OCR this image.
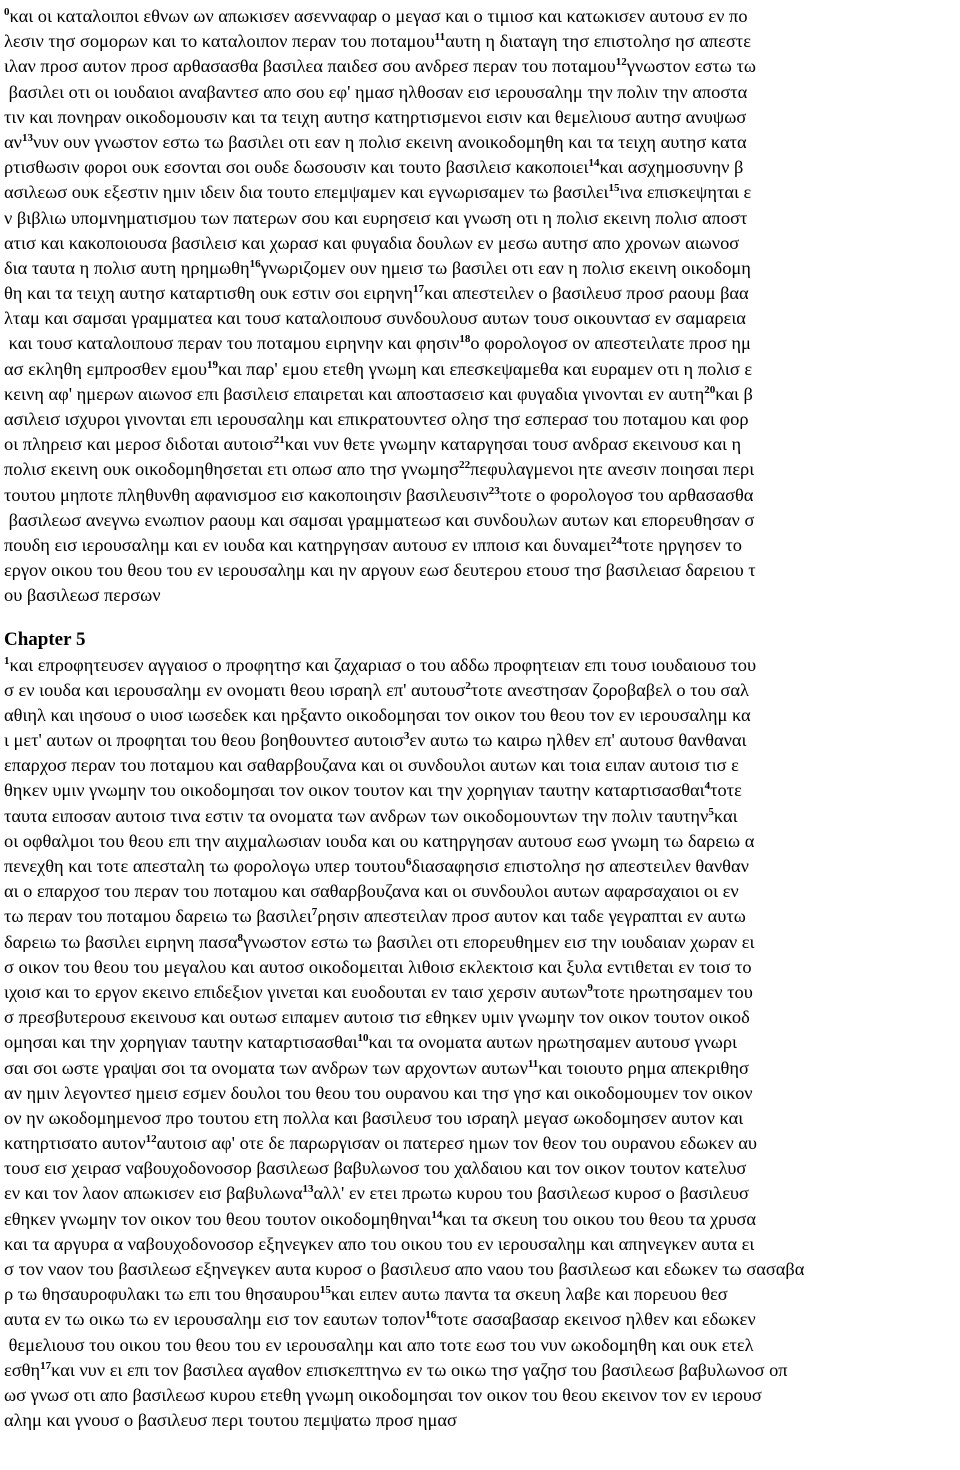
$^0$και οι καταλοιποι εθνων ων απωκισεν ασενναφαρ ο μεγασ και ο τιμιοσ και κατωκισεν αυτουσ εν πο
λεσιν τησ σομορων και το καταλοιπον περαν του ποταμου$^{11}$αυτη η διαταγη τησ επιστολησ ησ απεστε
ιλαν προσ αυτον προσ αρθασασθα βασιλεα παιδεσ σου ανδρεσ περαν του ποταμου$^{12}$γνωστον εστω τω
βασιλει οτι οι ιουδαιοι αναβαντεσ απο σου εφ' ημασ ηλθοσαν εισ ιερουσαλημ την πολιν την αποστα
τιν και πονηραν οικοδομουσιν και τα τειχη αυτησ κατηρτισμενοι εισιν και θεμελιουσ αυτησ ανυψωσ
$\alpha\nu^{13}\nu\upsilon\nu$ ουν γνωστον εστω τω βασιλει οτι εαν η πολισ εκεινη ανοικοδομηθη και τα τειχη αυτησ κατα
ρτισθωσιν φοροι ουκ εσονται σοι ουδε δωσουσιν και τουτο βασιλεισ κακοποιει$^{14}$και ασχημοσυνην β
ασιλεωσ ουκ εξεστιν ημιν ιδειν δια τουτο επεμψαμεν και εγνωρισαμεν τω βασιλει$^{15}$ινα επισκεψηται ε
ν βιβλιω υπομνηματισμου των πατερων σου και ευρησεισ και γνωση οτι η πολισ εκεινη πολισ αποστ
ατισ και κακοποιουσα βασιλεισ και χωρασ και φυγαδια δουλων εν μεσω αυτησ απο χρονων αιωνοσ
δια ταυτα η πολισ αυτη ηρημωθη$^{16}$γνωριζομεν ουν ημεισ τω βασιλει οτι εαν η πολισ εκεινη οικοδομη
θη και τα τειχη αυτησ καταρτισθη ουκ εστιν σοι ειρηνη$^{17}$και απεστειλεν ο βασιλευσ προσ ραουμ βαα
λταμ και σαμσαι γραμματεα και τουσ καταλοιπουσ συνδουλουσ αυτων τουσ οικουντασ εν σαμαρεια
και τουσ καταλοιπουσ περαν του ποταμου ειρηνην και φησιν$^{18}$ο φορολογοσ ον απεστειλατε προσ ημ
ασ εκληθη εμπροσθεν εμου$^{19}$και παρ' εμου ετεθη γνωμη και επεσκεψαμεθα και ευραμεν οτι η πολισ ε
κεινη αφ' ημερων αιωνοσ επι βασιλεισ επαιρεται και αποστασεισ και φυγαδια γινονται εν αυτη$^{20}$και β
ασιλεισ ισχυροι γινονται επι ιερουσαλημ και επικρατουντεσ ολησ τησ εσπερασ του ποταμου και φορ
οι πληρεισ και μεροσ διδοται αυτοισ$^{21}$και νυν θετε γνωμην καταργησαι τουσ ανδρασ εκεινουσ και η
πολισ εκεινη ουκ οικοδομηθησεται ετι οπωσ απο τησ γνωμησ$^{22}$πεφυλαγμενοι ητε ανεσιν ποιησαι περι
τουτου μηποτε πληθυνθη αφανισμοσ εισ κακοποιησιν βασιλευσιν$^{23}$τοτε ο φορολογοσ του αρθασασθα
βασιλεωσ ανεγνω ενωπιον ραουμ και σαμσαι γραμματεωσ και συνδουλων αυτων και επορευθησαν σ
πουδη εισ ιερουσαλημ και εν ιουδα και κατηργησαν αυτουσ εν ιπποισ και δυναμει$^{24}$τοτε ηργησεν το
εργον οικου του θεου του εν ιερουσαλημ και ην αργουν εωσ δευτερου ετουσ τησ βασιλειασ δαρειου τ
ου βασιλεωσ περσων
Chapter 5
$^1$και επροφητευσεν αγγαιοσ ο προφητησ και ζαχαριασ ο του αδδω προφητειαν επι τουσ ιουδαιουσ του
σ εν ιουδα και ιερουσαλημ εν ονοματι θεου ισραηλ επ' αυτουσ$^2$τοτε ανεστησαν ζοροβαβελ ο του σαλ
αθιηλ και ιησουσ ο υιοσ ιωσεδεκ και ηρξαντο οικοδομησαι τον οικον του θεου τον εν ιερουσαλημ κα
ι μετ' αυτων οι προφηται του θεου βοηθουντεσ αυτοισ$^3$εν αυτω τω καιρω ηλθεν επ' αυτουσ θανθαναι
επαρχοσ περαν του ποταμου και σαθαρβουζανα και οι συνδουλοι αυτων και τοια ειπαν αυτοισ τισ ε
θηκεν υμιν γνωμην του οικοδομησαι τον οικον τουτον και την χορηγιαν ταυτην καταρτισασθαι$^4$τοτε
ταυτα ειποσαν αυτοισ τινα εστιν τα ονοματα των ανδρων των οικοδομουντων την πολιν ταυτην$^5$και
οι οφθαλμοι του θεου επι την αιχμαλωσιαν ιουδα και ου κατηργησαν αυτουσ εωσ γνωμη τω δαρειω α
πενεχθη και τοτε απεσταλη τω φορολογω υπερ τουτου$^6$διασαφησισ επιστολησ ησ απεστειλεν θανθαν
αι ο επαρχοσ του περαν του ποταμου και σαθαρβουζανα και οι συνδουλοι αυτων αφαρσαχαιοι οι εν
τω περαν του ποταμου δαρειω τω βασιλει$^7$ρησιν απεστειλαν προσ αυτον και ταδε γεγραπται εν αυτω
δαρειω τω βασιλει ειρηνη πασα$^8$γνωστον εστω τω βασιλει οτι επορευθημεν εισ την ιουδαιαν χωραν ει
σ οικον του θεου του μεγαλου και αυτοσ οικοδομειται λιθοισ εκλεκτοισ και ξυλα εντιθεται εν τοισ το
ιχοισ και το εργον εκεινο επιδεξιον γινεται και ευοδουται εν ταισ χερσιν αυτων$^9$τοτε ηρωτησαμεν του
σ πρεσβυτερουσ εκεινουσ και ουτωσ ειπαμεν αυτοισ τισ εθηκεν υμιν γνωμην τον οικον τουτον οικοδ
ομησαι και την χορηγιαν ταυτην καταρτισασθαι$^{10}$και τα ονοματα αυτων ηρωτησαμεν αυτουσ γνωρι
σαι σοι ωστε γραψαι σοι τα ονοματα των ανδρων των αρχοντων αυτων$^{11}$και τοιουτο ρημα απεκριθησ
αν ημιν λεγοντεσ ημεισ εσμεν δουλοι του θεου του ουρανου και τησ γησ και οικοδομουμεν τον οικον
ον ην ωκοδομημενοσ προ τουτου ετη πολλα και βασιλευσ του ισραηλ μεγασ ωκοδομησεν αυτον και
κατηρτισατο αυτον$^{12}$αυτοισ αφ' οτε δε παρωργισαν οι πατερεσ ημων τον θεον του ουρανου εδωκεν αυ
τουσ εισ χειρασ ναβουχοδονοσορ βασιλεωσ βαβυλωνοσ του χαλδαιου και τον οικον τουτον κατελυσ
εν και τον λαον απωκισεν εισ βαβυλωνα$^{13}$αλλ' εν ετει πρωτω κυρου του βασιλεωσ κυροσ ο βασιλευσ
εθηκεν γνωμην τον οικον του θεου τουτον οικοδομηθηναι$^{14}$και τα σκευη του οικου του θεου τα χρυσα
και τα αργυρα α ναβουχοδονοσορ εξηνεγκεν απο του οικου του εν ιερουσαλημ και απηνεγκεν αυτα ει
σ τον ναον του βασιλεωσ εξηνεγκεν αυτα κυροσ ο βασιλευσ απο ναου του βασιλεωσ και εδωκεν τω σασαβα
ρ τω θησαυροφυλακι τω επι του θησαυρου$^{15}$και ειπεν αυτω παντα τα σκευη λαβε και πορευου θεσ
αυτα εν τω οικω τω εν ιερουσαλημ εισ τον εαυτων τοπον$^{16}$τοτε σασαβασαρ εκεινοσ ηλθεν και εδωκεν
θεμελιουσ του οικου του θεου του εν ιερουσαλημ και απο τοτε εωσ του νυν ωκοδομηθη και ουκ ετελ
εσθη$^{17}$και νυν ει επι τον βασιλεα αγαθον επισκεπτηνω εν τω οικω τησ γαζησ του βασιλεωσ βαβυλωνοσ οπ
ωσ γνωσ οτι απο βασιλεωσ κυρου ετεθη γνωμη οικοδομησαι τον οικον του θεου εκεινον τον εν ιερουσ
αλημ και γνουσ ο βασιλευσ περι τουτου πεμψατω προσ ημασ
